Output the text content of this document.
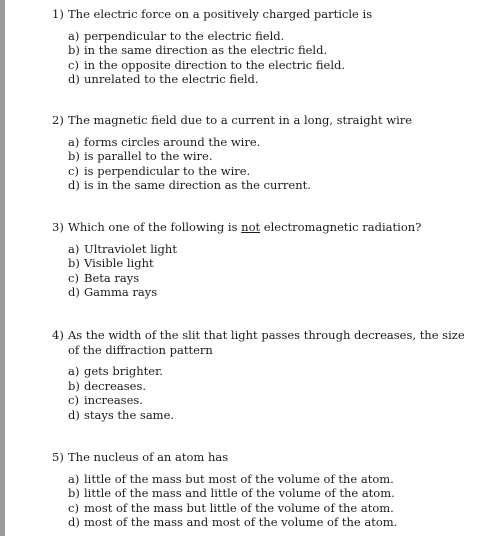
1) The electric force on a positively charged particle is
a) perpendicular to the electric field.
b) in the same direction as the electric field.
c) in the opposite direction to the electric field.
d) unrelated to the electric field.
2) The magnetic field due to a current in a long, straight wire
a) forms circles around the wire.
b) is parallel to the wire.
c) is perpendicular to the wire.
d) is in the same direction as the current.
3) Which one of the following is not electromagnetic radiation?
a) Ultraviolet light
b) Visible light
c) Beta rays
d) Gamma rays
4) As the width of the slit that light passes through decreases, the size of the diffraction pattern
a) gets brighter.
b) decreases.
c) increases.
d) stays the same.
5) The nucleus of an atom has
a) little of the mass but most of the volume of the atom.
b) little of the mass and little of the volume of the atom.
c) most of the mass but little of the volume of the atom.
d) most of the mass and most of the volume of the atom.
